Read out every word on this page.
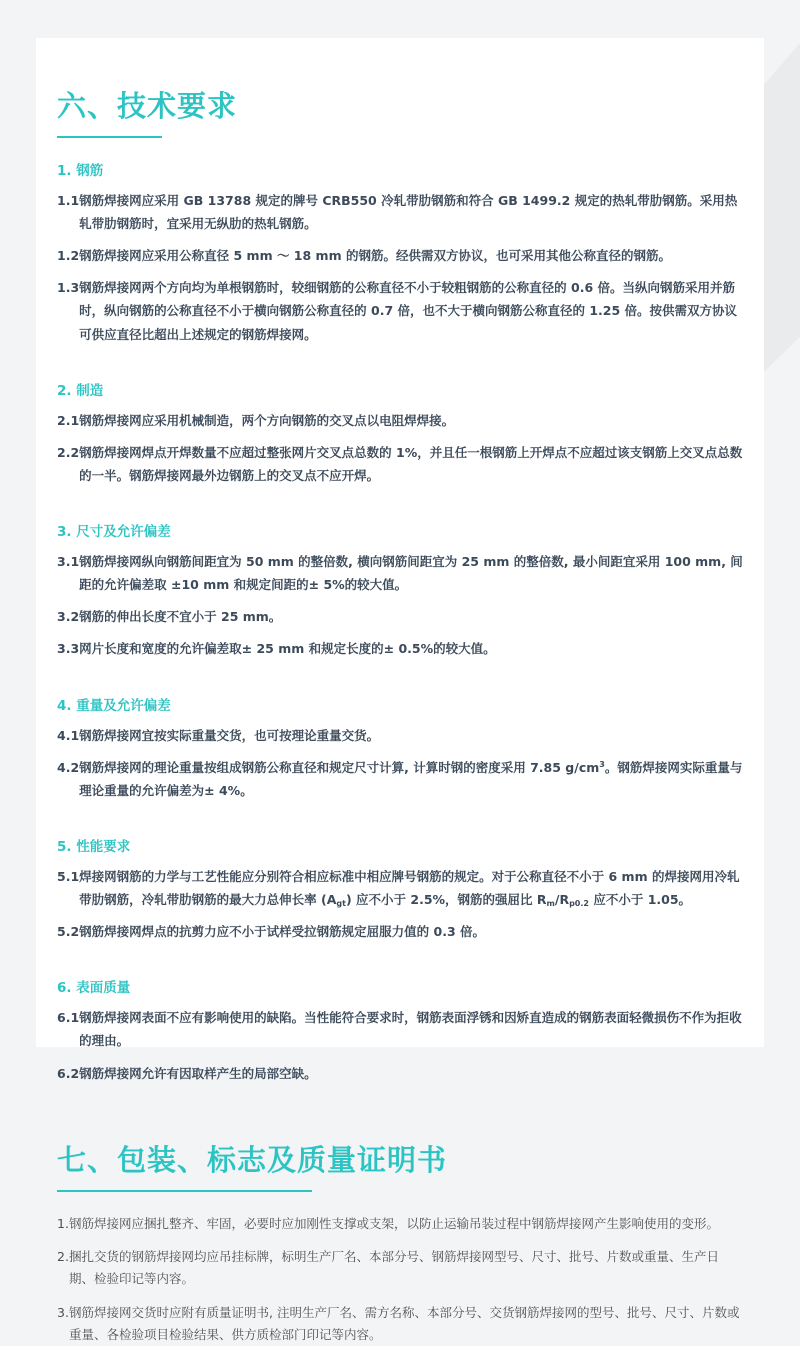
六、技术要求
1. 钢筋
1.1 钢筋焊接网应采用 GB 13788 规定的牌号 CRB550 冷轧带肋钢筋和符合 GB 1499.2 规定的热轧带肋钢筋。采用热轧带肋钢筋时，宜采用无纵肋的热轧钢筋。
1.2 钢筋焊接网应采用公称直径 5 mm ～ 18 mm 的钢筋。经供需双方协议，也可采用其他公称直径的钢筋。
1.3 钢筋焊接网两个方向均为单根钢筋时，较细钢筋的公称直径不小于较粗钢筋的公称直径的 0.6 倍。当纵向钢筋采用并筋时，纵向钢筋的公称直径不小于横向钢筋公称直径的 0.7 倍，也不大于横向钢筋公称直径的 1.25 倍。按供需双方协议可供应直径比超出上述规定的钢筋焊接网。
2. 制造
2.1 钢筋焊接网应采用机械制造，两个方向钢筋的交叉点以电阻焊焊接。
2.2 钢筋焊接网焊点开焊数量不应超过整张网片交叉点总数的 1%，并且任一根钢筋上开焊点不应超过该支钢筋上交叉点总数的一半。钢筋焊接网最外边钢筋上的交叉点不应开焊。
3. 尺寸及允许偏差
3.1 钢筋焊接网纵向钢筋间距宜为 50 mm 的整倍数, 横向钢筋间距宜为 25 mm 的整倍数, 最小间距宜采用 100 mm, 间距的允许偏差取 ±10 mm 和规定间距的± 5%的较大值。
3.2 钢筋的伸出长度不宜小于 25 mm。
3.3 网片长度和宽度的允许偏差取± 25 mm 和规定长度的± 0.5%的较大值。
4. 重量及允许偏差
4.1 钢筋焊接网宜按实际重量交货，也可按理论重量交货。
4.2 钢筋焊接网的理论重量按组成钢筋公称直径和规定尺寸计算, 计算时钢的密度采用 7.85 $g/cm^3$。钢筋焊接网实际重量与理论重量的允许偏差为± 4%。
5. 性能要求
5.1 焊接网钢筋的力学与工艺性能应分别符合相应标准中相应牌号钢筋的规定。对于公称直径不小于 6 mm 的焊接网用冷轧带肋钢筋，冷轧带肋钢筋的最大力总伸长率 $(A_{gt})$ 应不小于 2.5%，钢筋的强屈比 $R_m/R_{p0.2}$ 应不小于 1.05。
5.2 钢筋焊接网焊点的抗剪力应不小于试样受拉钢筋规定屈服力值的 0.3 倍。
6. 表面质量
6.1 钢筋焊接网表面不应有影响使用的缺陷。当性能符合要求时，钢筋表面浮锈和因矫直造成的钢筋表面轻微损伤不作为拒收的理由。
6.2 钢筋焊接网允许有因取样产生的局部空缺。
七、包装、标志及质量证明书
1. 钢筋焊接网应捆扎整齐、牢固，必要时应加刚性支撑或支架，以防止运输吊装过程中钢筋焊接网产生影响使用的变形。
2. 捆扎交货的钢筋焊接网均应吊挂标牌，标明生产厂名、本部分号、钢筋焊接网型号、尺寸、批号、片数或重量、生产日期、检验印记等内容。
3. 钢筋焊接网交货时应附有质量证明书, 注明生产厂名、需方名称、本部分号、交货钢筋焊接网的型号、批号、尺寸、片数或重量、各检验项目检验结果、供方质检部门印记等内容。
